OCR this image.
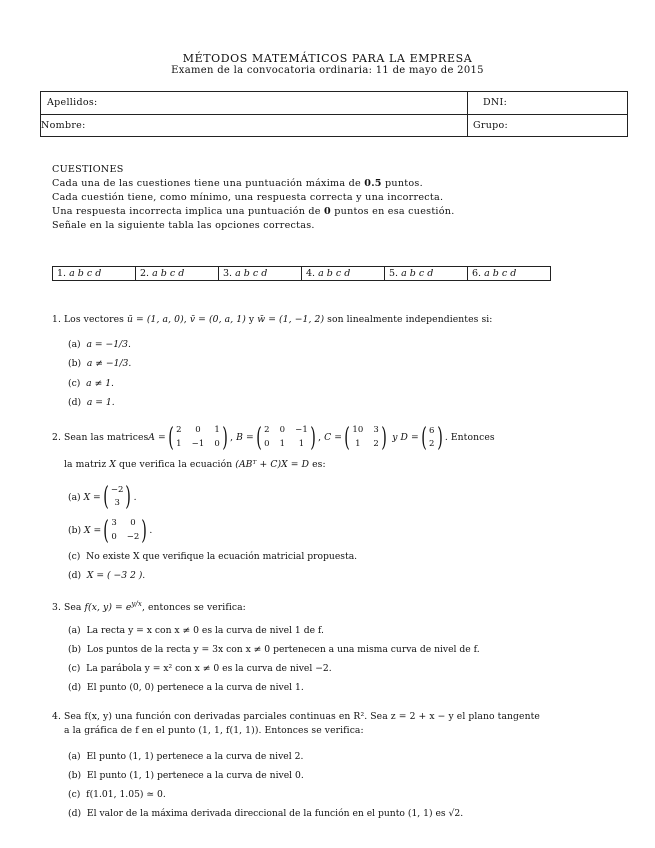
MÉTODOS MATEMÁTICOS PARA LA EMPRESA
Examen de la convocatoria ordinaria: 11 de mayo de 2015
Apellidos:	DNI:
Nombre:	Grupo:
CUESTIONES
Cada una de las cuestiones tiene una puntuación máxima de 0.5 puntos.
Cada cuestión tiene, como mínimo, una respuesta correcta y una incorrecta.
Una respuesta incorrecta implica una puntuación de 0 puntos en esa cuestión.
Señale en la siguiente tabla las opciones correctas.
1. a b c d	2. a b c d	3. a b c d	4. a b c d	5. a b c d	6. a b c d
1. Los vectores ū = (1, a, 0), v̄ = (0, a, 1) y w̄ = (1, −1, 2) son linealmente independientes si:
(a) a = −1/3.
(b) a ≠ −1/3.
(c) a ≠ 1.
(d) a = 1.
2. Sean las matrices A = ( 2	0	1
1 −1 0 ) , B = ( 2 0 −1
0 1	1 ) , C = ( 10 3
1	2 )
y D = ( 6
2 ) . Entonces
la matriz X que verifica la ecuación (ABᵀ + C)X = D es:
(a)
X = ( −2
3 ) .
(b)
X = ( 3	0
0 −2 ) .
(c) No existe X que verifique la ecuación matricial propuesta.
(d) X = ( −3 2 ).
3. Sea f(x, $y) = e^{y/x}$, entonces se verifica:
(a) La recta y = x con x ≠ 0 es la curva de nivel 1 de f.
(b) Los puntos de la recta y = 3x con x ≠ 0 pertenecen a una misma curva de nivel de f.
(c) La parábola y = x² con x ≠ 0 es la curva de nivel −2.
(d) El punto (0, 0) pertenece a la curva de nivel 1.
4. Sea f(x, y) una función con derivadas parciales continuas en R². Sea z = 2 + x − y el plano tangente
a la gráfica de f en el punto (1, 1, f(1, 1)). Entonces se verifica:
(a) El punto (1, 1) pertenece a la curva de nivel 2.
(b) El punto (1, 1) pertenece a la curva de nivel 0.
(c) f(1.01, 1.05) ≃ 0.
(d) El valor de la máxima derivada direccional de la función en el punto (1, 1) es √2.
